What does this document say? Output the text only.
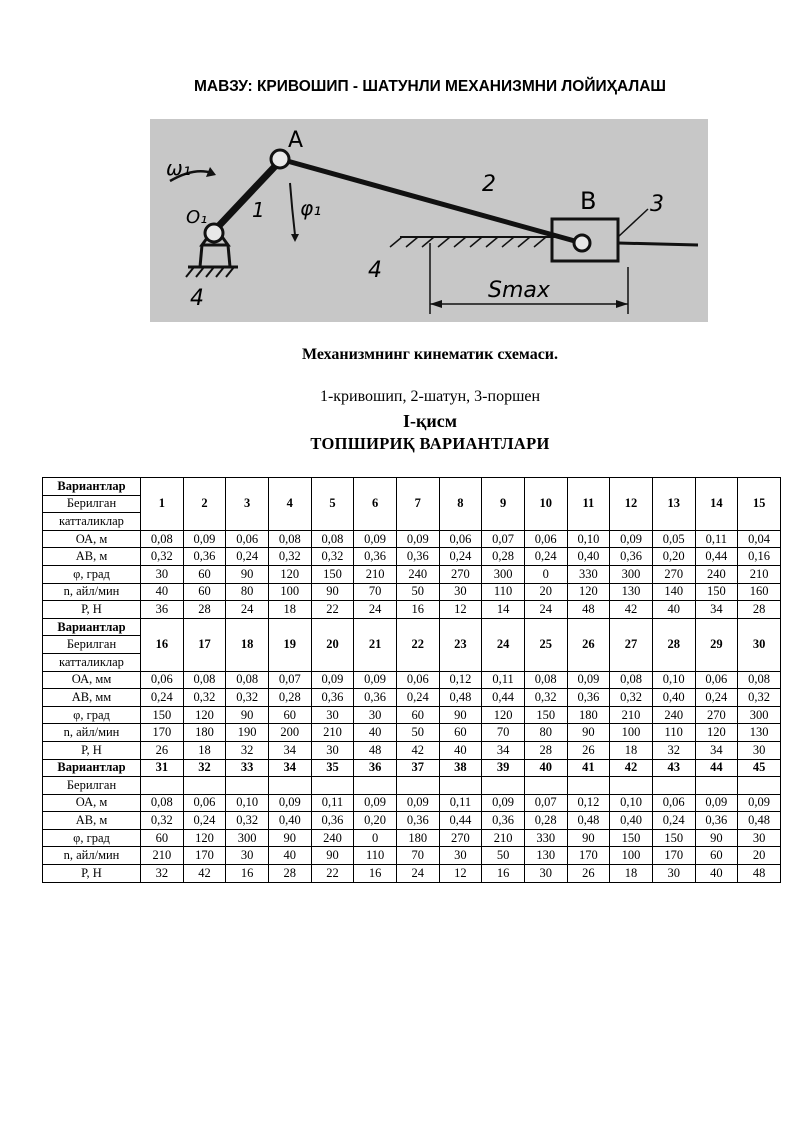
МАВЗУ: КРИВОШИП - ШАТУНЛИ МЕХАНИЗМНИ ЛОЙИҲАЛАШ
A
B
2
3
1
4
4
ω₁
O₁	φ₁
Smax
Механизмнинг кинематик схемаси.
1-кривошип, 2-шатун, 3-поршен
I-қисм
ТОПШИРИҚ ВАРИАНТЛАРИ
Вариантлар	1	2	3	4	5	6	7	8	9	10	11	12	13	14	15
Берилган															
катталиклар															
ОА, м	0,08	0,09	0,06	0,08	0,08	0,09	0,09	0,06	0,07	0,06	0,10	0,09	0,05	0,11	0,04
АВ, м	0,32	0,36	0,24	0,32	0,32	0,36	0,36	0,24	0,28	0,24	0,40	0,36	0,20	0,44	0,16
φ, град	30	60	90	120	150	210	240	270	300	0	330	300	270	240	210
n, айл/мин	40	60	80	100	90	70	50	30	110	20	120	130	140	150	160
Р, Н	36	28	24	18	22	24	16	12	14	24	48	42	40	34	28
Вариантлар	16	17	18	19	20	21	22	23	24	25	26	27	28	29	30
Берилган															
катталиклар															
ОА, мм	0,06	0,08	0,08	0,07	0,09	0,09	0,06	0,12	0,11	0,08	0,09	0,08	0,10	0,06	0,08
АВ, мм	0,24	0,32	0,32	0,28	0,36	0,36	0,24	0,48	0,44	0,32	0,36	0,32	0,40	0,24	0,32
φ, град	150	120	90	60	30	30	60	90	120	150	180	210	240	270	300
n, айл/мин	170	180	190	200	210	40	50	60	70	80	90	100	110	120	130
Р, Н	26	18	32	34	30	48	42	40	34	28	26	18	32	34	30
Вариантлар	31	32	33	34	35	36	37	38	39	40	41	42	43	44	45
Берилган															
ОА, м	0,08	0,06	0,10	0,09	0,11	0,09	0,09	0,11	0,09	0,07	0,12	0,10	0,06	0,09	0,09
АВ, м	0,32	0,24	0,32	0,40	0,36	0,20	0,36	0,44	0,36	0,28	0,48	0,40	0,24	0,36	0,48
φ, град	60	120	300	90	240	0	180	270	210	330	90	150	150	90	30
n, айл/мин	210	170	30	40	90	110	70	30	50	130	170	100	170	60	20
Р, Н	32	42	16	28	22	16	24	12	16	30	26	18	30	40	48
